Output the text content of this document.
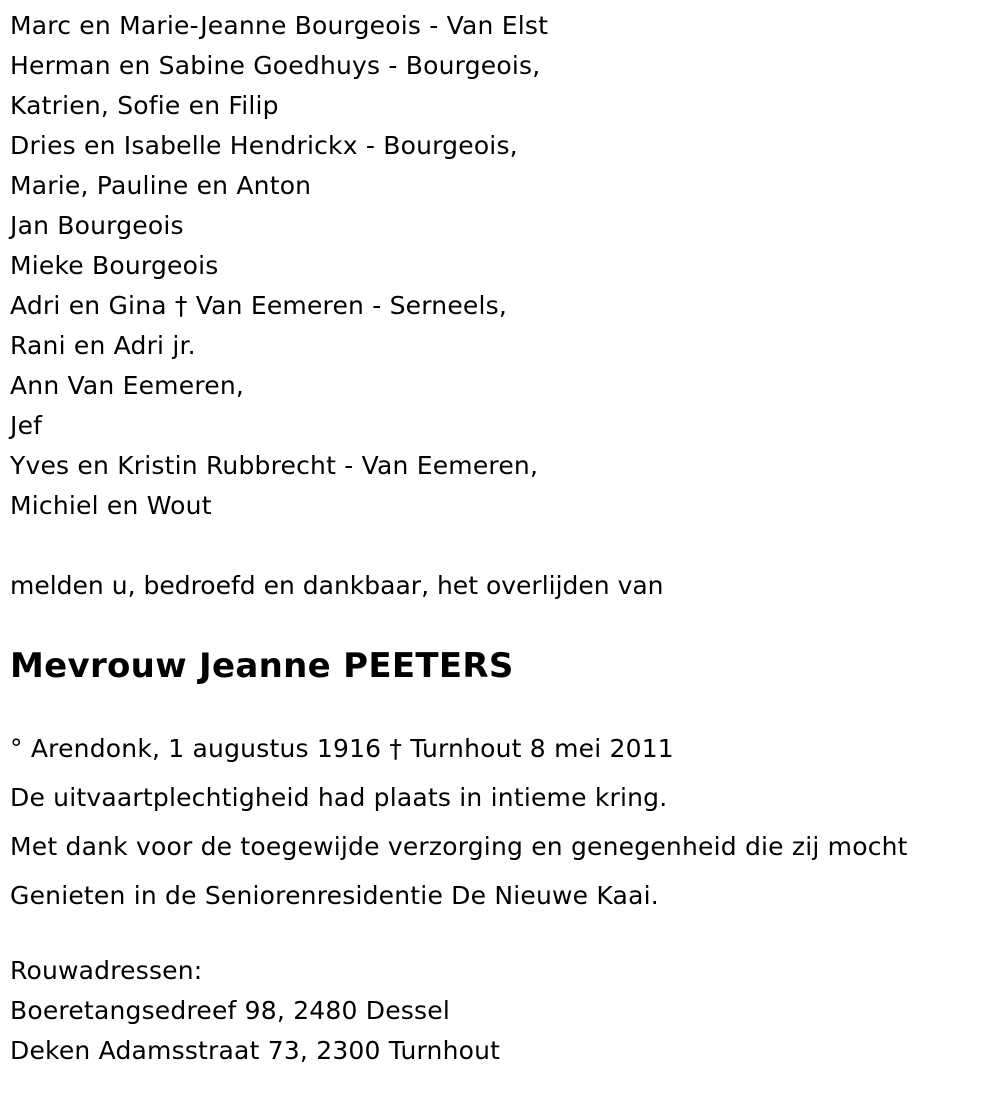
Marc en Marie-Jeanne Bourgeois - Van Elst
Herman en Sabine Goedhuys - Bourgeois,
Katrien, Sofie en Filip
Dries en Isabelle Hendrickx - Bourgeois,
Marie, Pauline en Anton
Jan Bourgeois
Mieke Bourgeois
Adri en Gina † Van Eemeren - Serneels,
Rani en Adri jr.
Ann Van Eemeren,
Jef
Yves en Kristin Rubbrecht - Van Eemeren,
Michiel en Wout
melden u, bedroefd en dankbaar, het overlijden van
Mevrouw Jeanne PEETERS
° Arendonk, 1 augustus 1916 † Turnhout 8 mei 2011
De uitvaartplechtigheid had plaats in intieme kring.
Met dank voor de toegewijde verzorging en genegenheid die zij mocht
Genieten in de Seniorenresidentie De Nieuwe Kaai.
Rouwadressen:
Boeretangsedreef 98, 2480 Dessel
Deken Adamsstraat 73, 2300 Turnhout
